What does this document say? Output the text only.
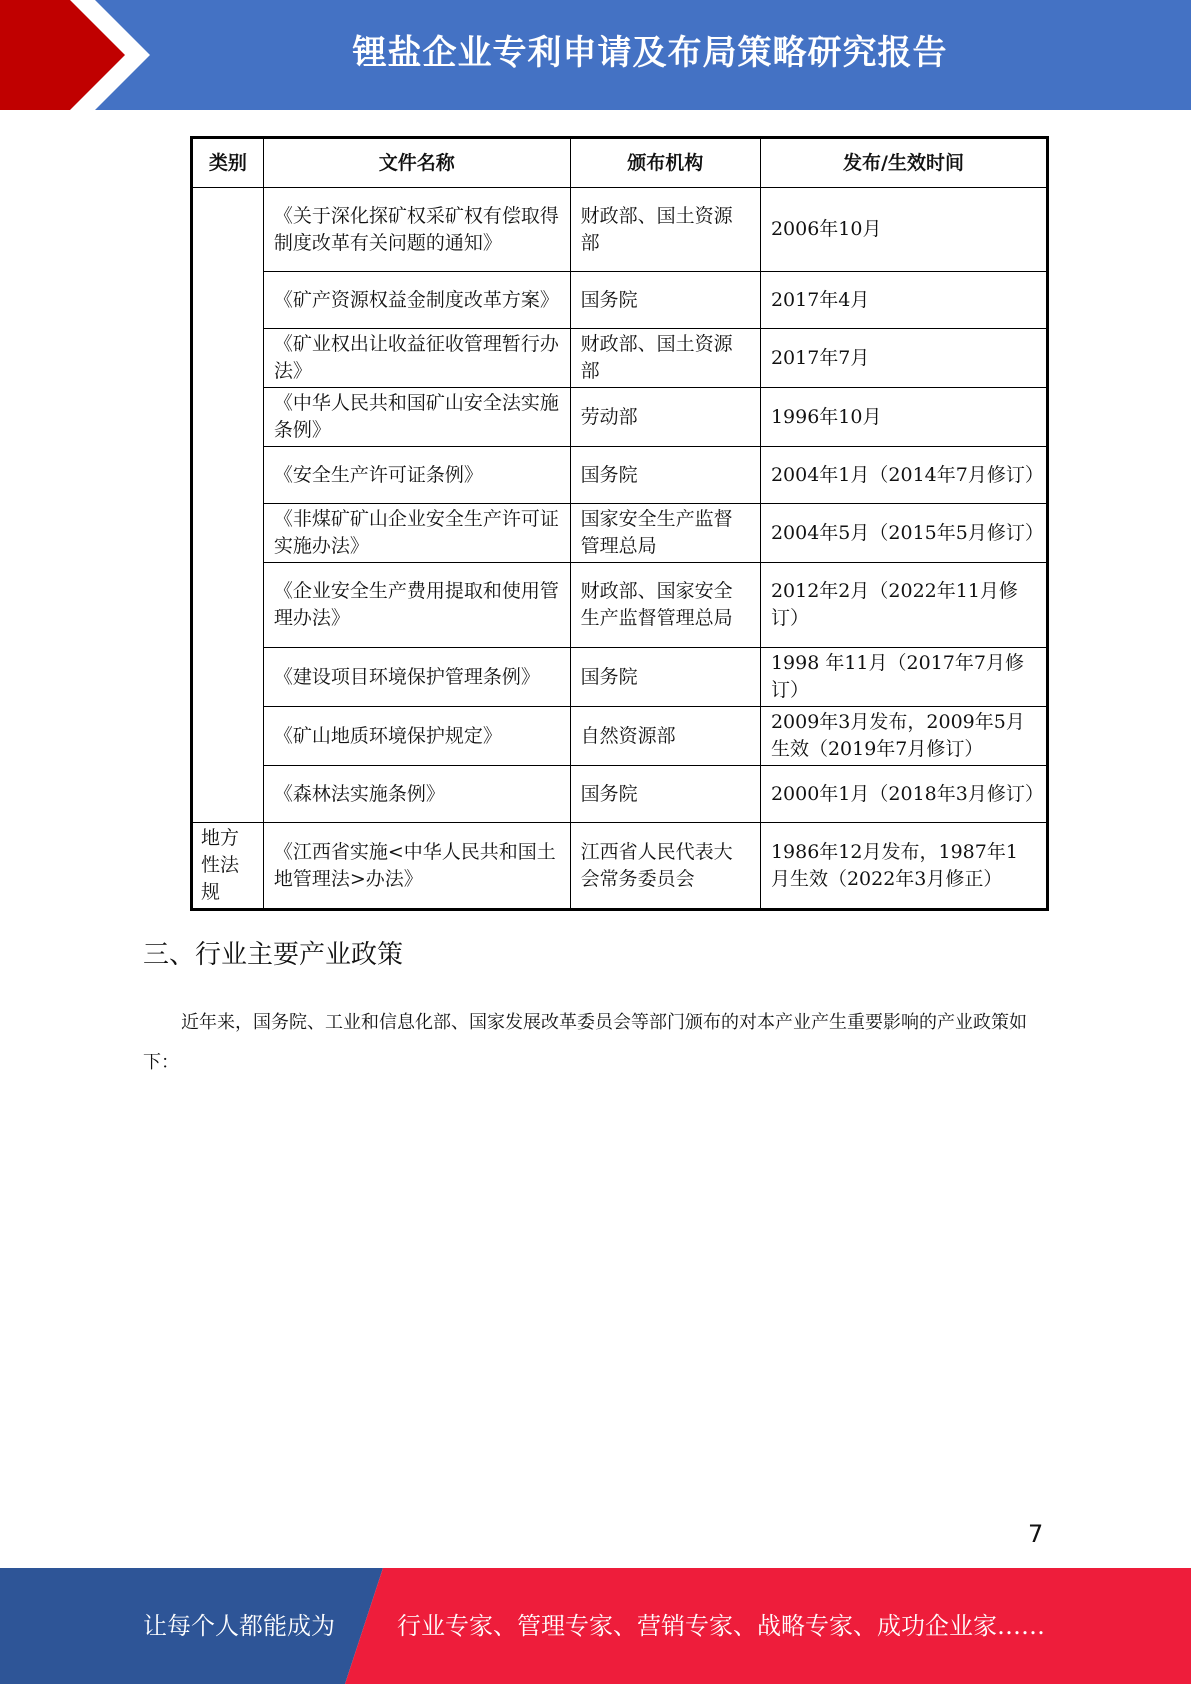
锂盐企业专利申请及布局策略研究报告
类别	文件名称	颁布机构	发布/生效时间
	《关于深化探矿权采矿权有偿取得制度改革有关问题的通知》	财政部、国土资源部	2006年10月
	《矿产资源权益金制度改革方案》	国务院	2017年4月
	《矿业权出让收益征收管理暂行办法》	财政部、国土资源部	2017年7月
	《中华人民共和国矿山安全法实施条例》	劳动部	1996年10月
	《安全生产许可证条例》	国务院	2004年1月（2014年7月修订）
	《非煤矿矿山企业安全生产许可证实施办法》	国家安全生产监督管理总局	2004年5月（2015年5月修订）
	《企业安全生产费用提取和使用管理办法》	财政部、国家安全生产监督管理总局	2012年2月（2022年11月修订）
	《建设项目环境保护管理条例》	国务院	1998 年11月（2017年7月修订）
	《矿山地质环境保护规定》	自然资源部	2009年3月发布，2009年5月生效（2019年7月修订）
	《森林法实施条例》	国务院	2000年1月（2018年3月修订）
地方性法规	《江西省实施<中华人民共和国土地管理法>办法》	江西省人民代表大会常务委员会	1986年12月发布，1987年1月生效（2022年3月修正）
三、行业主要产业政策
近年来，国务院、工业和信息化部、国家发展改革委员会等部门颁布的对本产业产生重要影响的产业政策如下：
7
让每个人都能成为	行业专家、管理专家、营销专家、战略专家、成功企业家……
